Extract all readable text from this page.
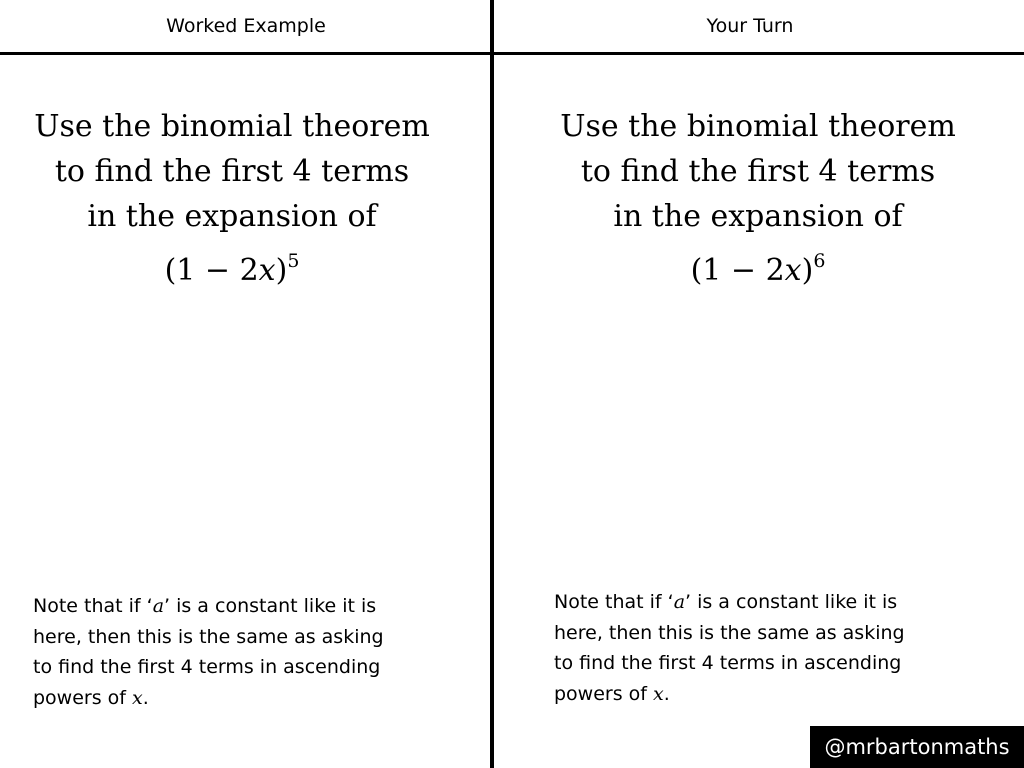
Worked Example	Your Turn
Use the binomial theorem
to find the first 4 terms
in the expansion of
$(1 - 2x)^5$
Use the binomial theorem
to find the first 4 terms
in the expansion of
$(1 - 2x)^6$
Note that if ‘a’ is a constant like it is
here, then this is the same as asking
to find the first 4 terms in ascending
powers of x.
Note that if ‘a’ is a constant like it is
here, then this is the same as asking
to find the first 4 terms in ascending
powers of x.
@mrbartonmaths
